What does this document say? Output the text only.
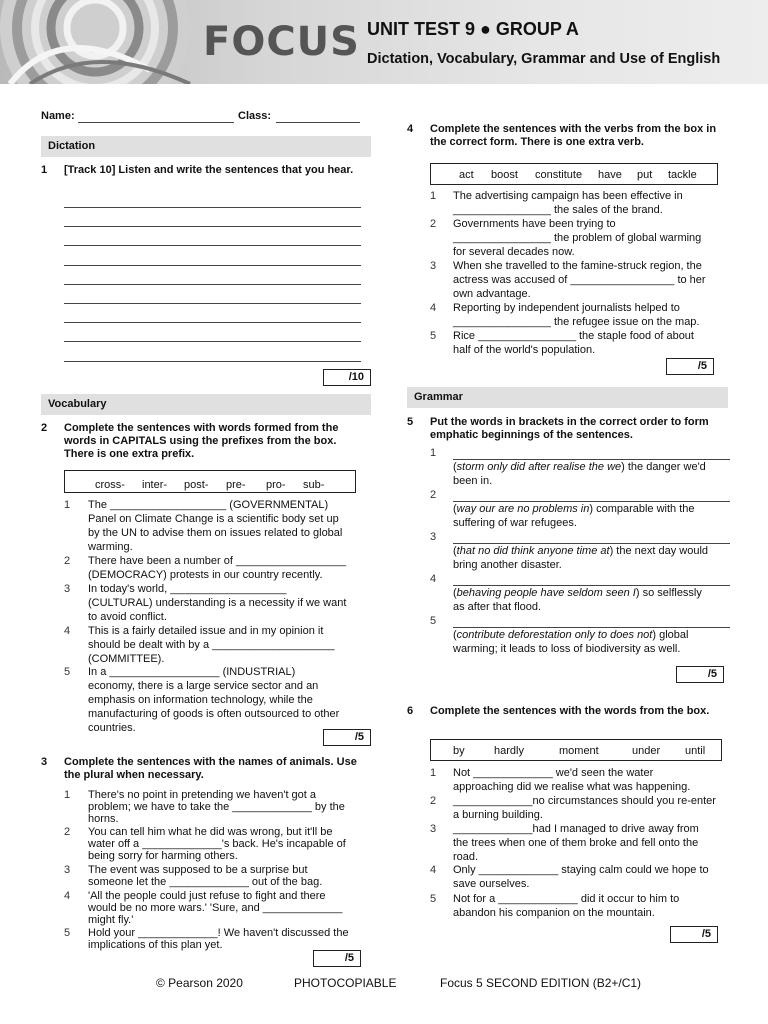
FOCUS UNIT TEST 9 ● GROUP A
Dictation, Vocabulary, Grammar and Use of English
Name:	Class:
Dictation
1 [Track 10] Listen and write the sentences that you hear.
/10
Vocabulary
2 Complete the sentences with words formed from the words in CAPITALS using the prefixes from the box. There is one extra prefix.
cross- inter- post- pre- pro- sub-
1 The ___________________ (GOVERNMENTAL)
Panel on Climate Change is a scientific body set up
by the UN to advise them on issues related to global
warming.
2 There have been a number of __________________
(DEMOCRACY) protests in our country recently.
3 In today's world, ___________________
(CULTURAL) understanding is a necessity if we want
to avoid conflict.
4 This is a fairly detailed issue and in my opinion it
should be dealt with by a ____________________
(COMMITTEE).
5 In a __________________ (INDUSTRIAL)
economy, there is a large service sector and an
emphasis on information technology, while the
manufacturing of goods is often outsourced to other
countries.
/5
3 Complete the sentences with the names of animals. Use the plural when necessary.
1 There's no point in pretending we haven't got a
problem; we have to take the _____________ by the
horns.
2 You can tell him what he did was wrong, but it'll be
water off a _____________'s back. He's incapable of
being sorry for harming others.
3 The event was supposed to be a surprise but
someone let the _____________ out of the bag.
4 'All the people could just refuse to fight and there
would be no more wars.' 'Sure, and _____________
might fly.'
5 Hold your _____________! We haven't discussed the
implications of this plan yet.
/5
4 Complete the sentences with the verbs from the box in the correct form. There is one extra verb.
act boost constitute have put tackle
1 The advertising campaign has been effective in
________________ the sales of the brand.
2 Governments have been trying to
________________ the problem of global warming
for several decades now.
3 When she travelled to the famine-struck region, the
actress was accused of _________________ to her
own advantage.
4 Reporting by independent journalists helped to
________________ the refugee issue on the map.
5 Rice ________________ the staple food of about
half of the world's population.
/5
Grammar
5 Put the words in brackets in the correct order to form emphatic beginnings of the sentences.
1
(storm only did after realise the we) the danger we'd
been in.
2
(way our are no problems in) comparable with the
suffering of war refugees.
3
(that no did think anyone time at) the next day would
bring another disaster.
4
(behaving people have seldom seen I) so selflessly
as after that flood.
5
(contribute deforestation only to does not) global
warming; it leads to loss of biodiversity as well.
/5
6 Complete the sentences with the words from the box.
by	hardly	moment	under until
1 Not _____________ we'd seen the water
approaching did we realise what was happening.
2 _____________no circumstances should you re-enter
a burning building.
3 _____________had I managed to drive away from
the trees when one of them broke and fell onto the
road.
4 Only _____________ staying calm could we hope to
save ourselves.
5 Not for a _____________ did it occur to him to
abandon his companion on the mountain.
/5
© Pearson 2020	PHOTOCOPIABLE	Focus 5 SECOND EDITION (B2+/C1)
